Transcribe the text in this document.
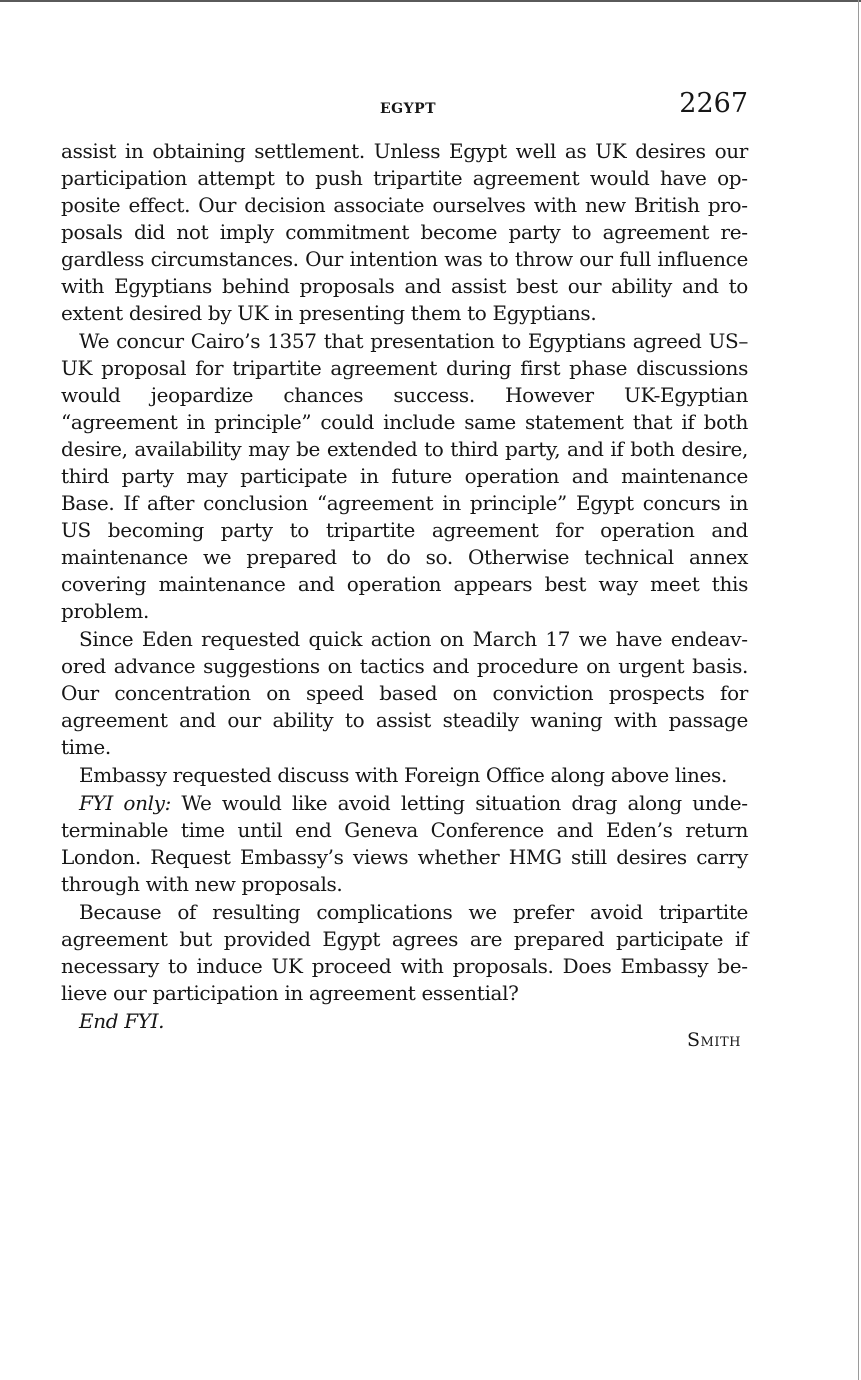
EGYPT	2267

assist in obtaining settlement. Unless Egypt well as UK desires our participation attempt to push tripartite agreement would have opposite effect. Our decision associate ourselves with new British proposals did not imply commitment become party to agreement regardless circumstances. Our intention was to throw our full influence with Egyptians behind proposals and assist best our ability and to extent desired by UK in presenting them to Egyptians.

We concur Cairo’s 1357 that presentation to Egyptians agreed US–UK proposal for tripartite agreement during first phase discussions would jeopardize chances success. However UK-Egyptian “agreement in principle” could include same statement that if both desire, availability may be extended to third party, and if both desire, third party may participate in future operation and maintenance Base. If after conclusion “agreement in principle” Egypt concurs in US becoming party to tripartite agreement for operation and maintenance we prepared to do so. Otherwise technical annex covering maintenance and operation appears best way meet this problem.

Since Eden requested quick action on March 17 we have endeavored advance suggestions on tactics and procedure on urgent basis. Our concentration on speed based on conviction prospects for agreement and our ability to assist steadily waning with passage time.

Embassy requested discuss with Foreign Office along above lines.

FYI only: We would like avoid letting situation drag along undeterminable time until end Geneva Conference and Eden’s return London. Request Embassy’s views whether HMG still desires carry through with new proposals.

Because of resulting complications we prefer avoid tripartite agreement but provided Egypt agrees are prepared participate if necessary to induce UK proceed with proposals. Does Embassy believe our participation in agreement essential?

End FYI.

Smith
